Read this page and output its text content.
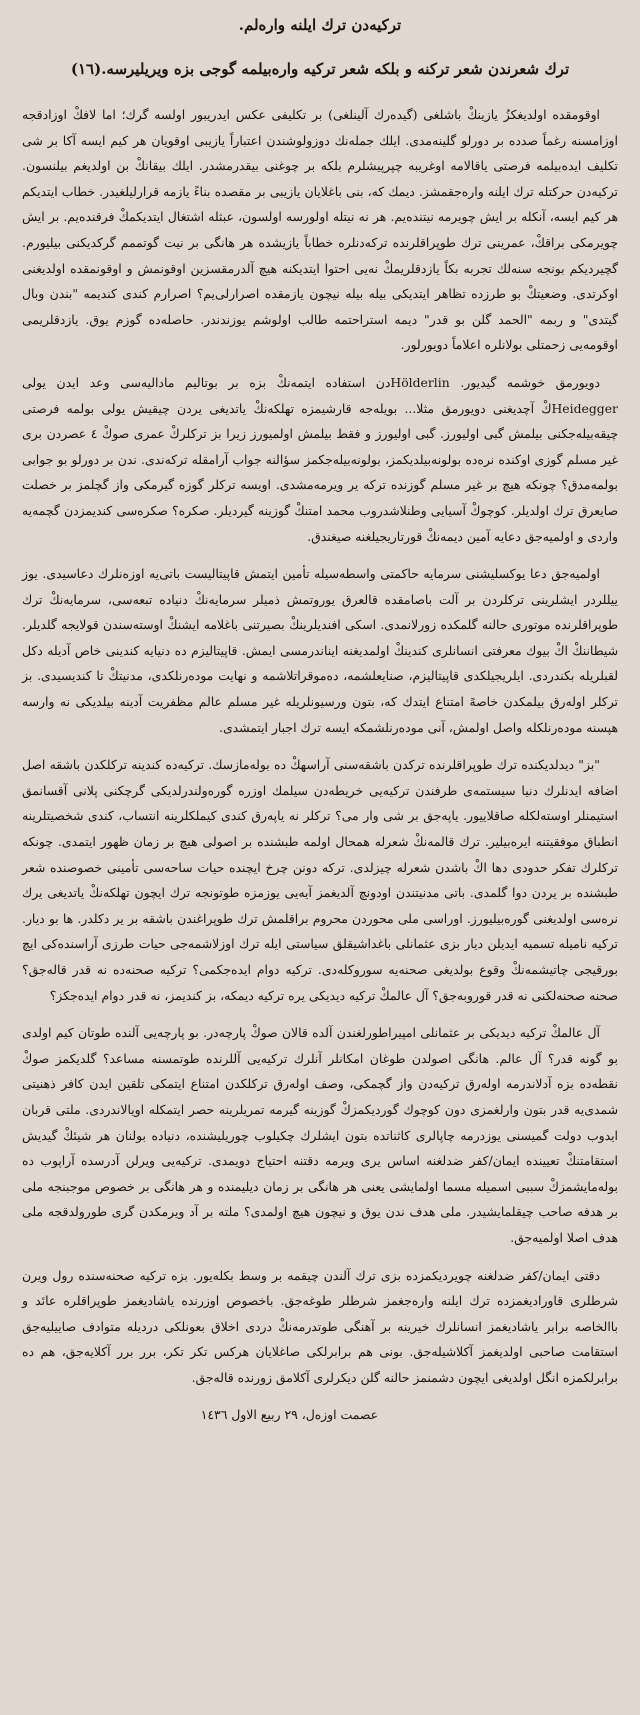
ترکیه‌دن ترك ایلنه وارەلم.
ترك شعرندن شعر ترکنه و بلکه شعر ترکیه وارەبیلمه گوجی بزه ویریلیرسه.(١٦)

اوقومقده اولدیغکزُ یازینكْ باشلغی (گیده‌رك آلینلغی) بر تکلیفی عکس ایدریبور اولسه گرك؛ اما لافكْ اوزادقجه اوزامسنه رغماً صدده بر دورلو گلینه‌مدی. ایلك جمله‌نك دوزولوشندن اعتباراً یازیبی اوقویان هر کیم ایسه آکا بر شی تکلیف ایده‌بیلمه فرصتی یاقالامه اوغریبه چپرپیشلرم بلکه بر چوغنی بیقدرمشدر. ایلك بیقانكْ بن اولدیغم بیلنسون. ترکیه‌دن حرکتله ترك ایلنه وارەجقمشز. دیمك که، بنی باغلایان یازیبی بر مقصده بناءً یازمه قرارلیلغیدر. خطاب ایتدیکم هر کیم ایسه، آنکله بر ایش چویرمه نیتنده‌یم. هر نه نیتله اولورسه اولسون، عبثله اشتغال ایتدیکمكْ فرقنده‌یم. بر ایش چویرمکی براقكْ، عمرینی ترك طوپراقلرنده ترکه‌دنلره خطاباً یازیشده هر هانگی بر نیت گوتممم گرکدیکنی بیلیورم. گچیردیکم بونجه سنه‌لك تجربه بکاً یازدقلریمكْ نه‌یی احتوا ایتدیکنه هیچ آلدرمقسزین اوقونمش و اوقونمقده اولدیغنی اوکرتدی. وضعیتكْ بو طرزده تظاهر ایتدیکی بیله بیله نیچون یازمقده اصرارلی‌یم؟ اصرارم کندی کندیمه "بندن وبال گیتدی" و ربمه "الحمد گلن بو قدر" دیمه استراحتمه طالب اولوشم یوزندندر. حاصله‌ده گوزم یوق. یازدقلریمی اوقومه‌یی زحمتلی بولانلره اعلاماً دویورلور.

دویورمق خوشمه گیدیور. Hölderlinدن استفاده ایتمه‌نكْ بزه بر بوتالیم ماداليه‌سی وعد ایدن یولی Heideggerكْ آچدیغنی دویورمق مثلا... بویله‌جه قارشیمزه تهلکه‌نكْ یاتدیغی یردن چیقیش یولی بولمه فرصتی چیقه‌بیله‌جکنی بیلمش گبی اولیورز. گبی اولیورز و فقط بیلمش اولمیورز زیرا بز ترکلركْ عمری صوكْ ٤ عصردن بری غیر مسلم گوزی اوکنده نره‌ده بولونه‌بیلدیکمز، بولونه‌بیله‌جکمز سؤالنه جواب آرامقله ترکه‌ندی. ندن بر دورلو بو جوابی بولمه‌مدق؟ چونکه هیچ بر غیر مسلم گوزنده ترکه یر ویرمه‌مشدی. اویسه ترکلر گوزه گیرمکی واز گچلمز بر خصلت صایعرق ترك اولدیلر. کوچوكْ آسیایی وطنلاشدروب محمد امتنكْ گوزینه گیردیلر. صکره؟ صکره‌سی کندیمزدن گچمه‌یه واردی و اولمیه‌جق دعایه آمین دیمه‌نكْ قورتاریجیلغنه صیغندق.

اولمیه‌جق دعا یوکسلیشنی سرمایه حاکمتی واسطه‌سیله تأمین ایتمش قاپیتالیست باتی‌یه اوزه‌نلرك دعاسیدی. یوز ییللردر ایشلرینی ترکلردن بر آلت باصامقده قالعرق یوروتمش ذمیلر سرمایه‌نكْ دنیاده تبعه‌سی، سرمایه‌نكْ ترك طوپراقلرنده موتوری حالنه گلمکده زورلانمدی. اسکی افندیلرینكْ بصیرتنی باغلامه ایشنكْ اوسته‌سندن قولایجه گلدیلر. شیطاننكْ اكْ بیوك معرفتی انسانلری کندینكْ اولمدیغنه ایناندرمسی ایمش. قاپیتالیزم ده دنیایه کندینی خاص آدیله دکل لقبلریله بکندردی. ایلریجیلکدی قاپیتالیزم، صنایعلشمه، دەموقراتلاشمه و نهایت موده‌رنلکدی، مدنیتكْ تا کندیسیدی. بز ترکلر اولەرق بیلمکدن خاصهً امتناع ایتدك که، بتون ورسیونلریله غیر مسلم عالم مظفریت آدینه بیلدیکی نه وارسه هپسنه موده‌رنلکله واصل اولمش، آنی موده‌رنلشمکه ایسه ترك اجبار ایتمشدی.

"بز" دیدلدیکنده ترك طوپراقلرنده ترکدن باشقه‌سنی آراسهكْ ده بوله‌مازسك. ترکیه‌ده کندینه ترکلکدن باشقه اصل اضافه ایدنلرك دنیا سیستمه‌ی طرفندن ترکیه‌یی خریطه‌دن سیلمك اوزره گورەولندرلدیکی گرچکنی پلانی آقسانمق استیمنلر اوسته‌لکله صاقلاییور. یاپه‌جق بر شی وار می؟ ترکلر نه یاپەرق کندی کیملکلرینه انتساب، کندی شخصیتلرینه انطباق موفقیتنه ایره‌بیلیر. ترك قالمه‌نكْ شعرله همحال اولمه طبشنده بر اصولی هیچ بر زمان ظهور ایتمدی. چونکه ترکلرك تفکر حدودی دها اكْ باشدن شعرله چیزلدی. ترکه دونن چرخ ایچنده حیات ساحه‌سی تأمینی خصوصنده شعر طبشنده بر یردن دوا گلمدی. باتی مدنیتندن اودونچ آلدیغمز آیه‌یی یوزمزه طوتونجه ترك ایچون تهلکه‌نكْ یاتدیغی یرك نره‌سی اولدیغنی گوره‌بیلیورز. اوراسی ملی محوردن محروم براقلمش ترك طوپراغندن باشقه بر یر دکلدر. ها بو دیار. ترکیه نامیله تسمیه ایدیلن دیار بزی عثمانلی باغداشیقلق سیاستی ایله ترك اوزلاشمه‌جی حیات طرزی آراسنده‌کی ایچ بورقیجی چاتیشمه‌نكْ وقوع بولدیغی صحنه‌یه سوروکله‌دی. ترکیه دوام ایده‌جکمی؟ ترکیه صحنه‌ده نه قدر قاله‌جق؟ صحنه صحنه‌لکنی نه قدر قوروبه‌جق؟ آل عالمكْ ترکیه دیدیکی یره ترکیه دیمکه، بز کندیمز، نه قدر دوام ایده‌جکز؟

آل عالمكْ ترکیه دیدیکی بر عثمانلی امپیراطورلغندن آلده قالان صوكْ پارچه‌در. بو پارچه‌یی آلنده طوتان کیم اولدی بو گونه قدر؟ آل عالم. هانگی اصولدن طوغان امکانلر آنلرك ترکیه‌یی آللرنده طوتمسنه مساعد؟ گلدیکمز صوكْ نقطه‌ده بزه آدلاندرمه اولەرق ترکیه‌دن واز گچمکی، وصف اولەرق ترکلکدن امتناع ایتمکی تلقین ایدن کافر ذهنیتی شمدی‌یه قدر بتون وارلغمزی دون کوچوك گوردیکمزكْ گوزینه گیرمه تمریلرینه حصر ایتمکله اویالاندردی. ملتی قربان ایدوب دولت گمیسنی یوزدرمه چاپالری کاثناتده بتون ایشلرك چکیلوب چوریلیشنده، دنیاده بولنان هر شیئكْ گیدیش استقامتنكْ تعیینده ایمان/کفر ضدلغنه اساس یری ویرمه دقتنه احتیاج دویمدی. ترکیه‌یی ویرلن آدرسده آراپوب ده بوله‌مایشمزكْ سببی اسمیله مسما اولمایشی یعنی هر هانگی بر زمان دیلیمنده و هر هانگی بر خصوص موجبنجه ملی بر هدفه صاحب چیقلمایشیدر. ملی هدف ندن یوق و نیچون هیچ اولمدی؟ ملته بر آد ویرمکدن گری طورولدقجه ملی هدف اصلا اولمیه‌جق.

دقتی ایمان/کفر ضدلغنه چویردیکمزده بزی ترك آلندن چیقمه بر وسط بکله‌یور. بزه ترکیه صحنه‌سنده رول ویرن شرطلری قاورادیغمزده ترك ایلنه وارەجغمز شرطلر طوغەجق. باخصوص اوزرنده یاشادیغمز طوپراقلره عائد و باالخاصه برابر یاشادیغمز انسانلرك خیرینه بر آهنگی طوتدرمه‌نكْ دردی اخلاق بعونلکی درديله متوادف صاییلیه‌جق استقامت صاحبی اولدیغمز آکلاشیله‌جق. بونی هم برابرلکی صاغلایان هرکس تکر تکر، برر برر آکلایه‌جق، هم ده برابرلکمزه انگل اولدیغی ایچون دشمنمز حالنه گلن دیکرلری آکلامق زورنده قاله‌جق.

عصمت اوزەل، ٢٩ ربیع الاول ١٤٣٦
